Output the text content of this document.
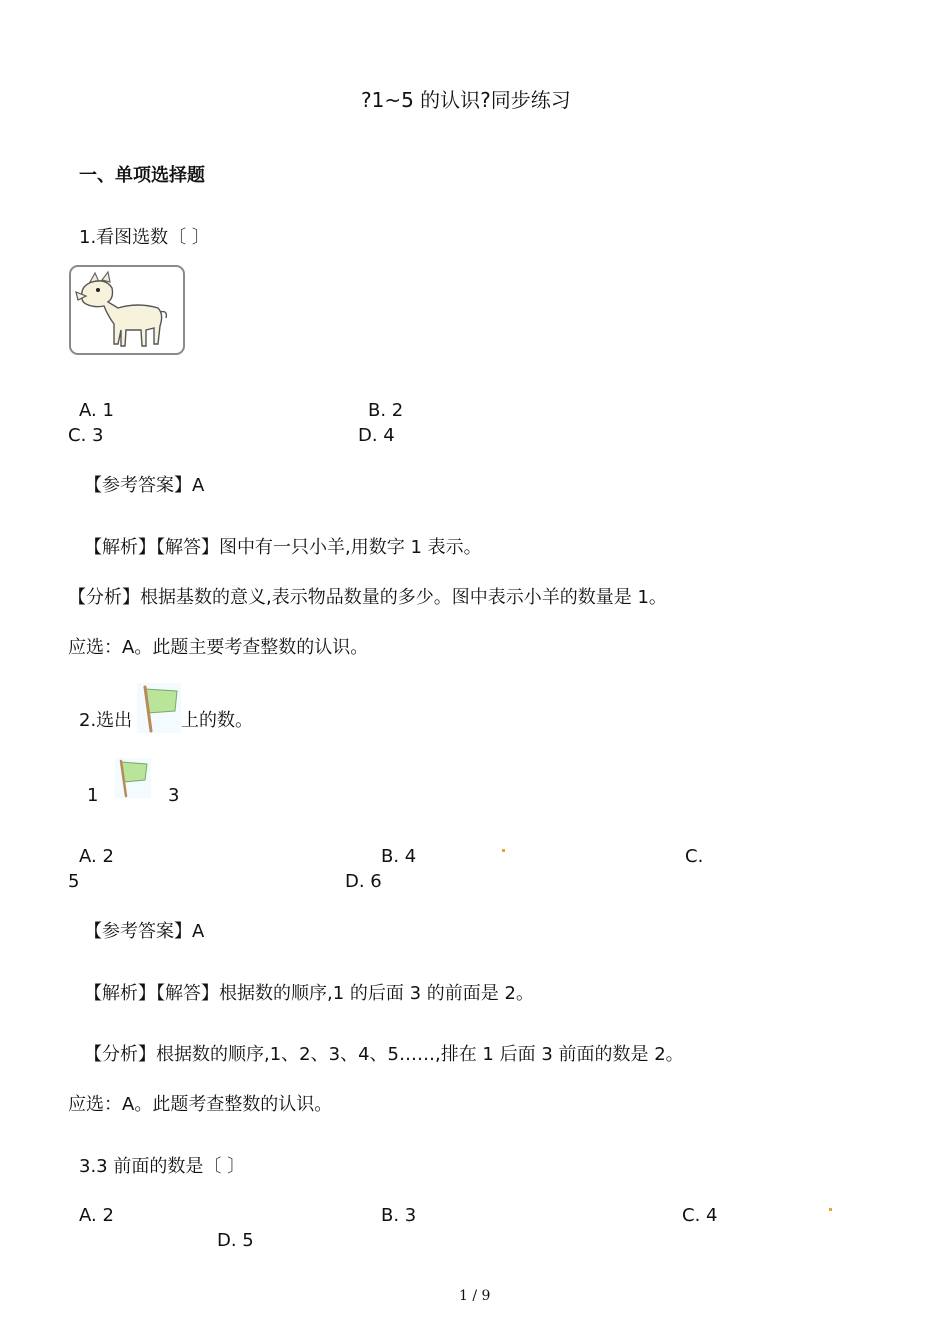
?1~5 的认识?同步练习
一、单项选择题
1.看图选数〔 〕
A. 1	B. 2
C. 3	D. 4
【参考答案】A
【解析】【解答】图中有一只小羊,用数字 1 表示。
【分析】根据基数的意义,表示物品数量的多少。图中表示小羊的数量是 1。
应选：A。此题主要考查整数的认识。
2.选出	上的数。
1	3
A. 2	B. 4	C.
5	D. 6
【参考答案】A
【解析】【解答】根据数的顺序,1 的后面 3 的前面是 2。
【分析】根据数的顺序,1、2、3、4、5……,排在 1 后面 3 前面的数是 2。
应选：A。此题考查整数的认识。
3.3 前面的数是〔 〕
A. 2	B. 3	C. 4
D. 5
1 / 9
